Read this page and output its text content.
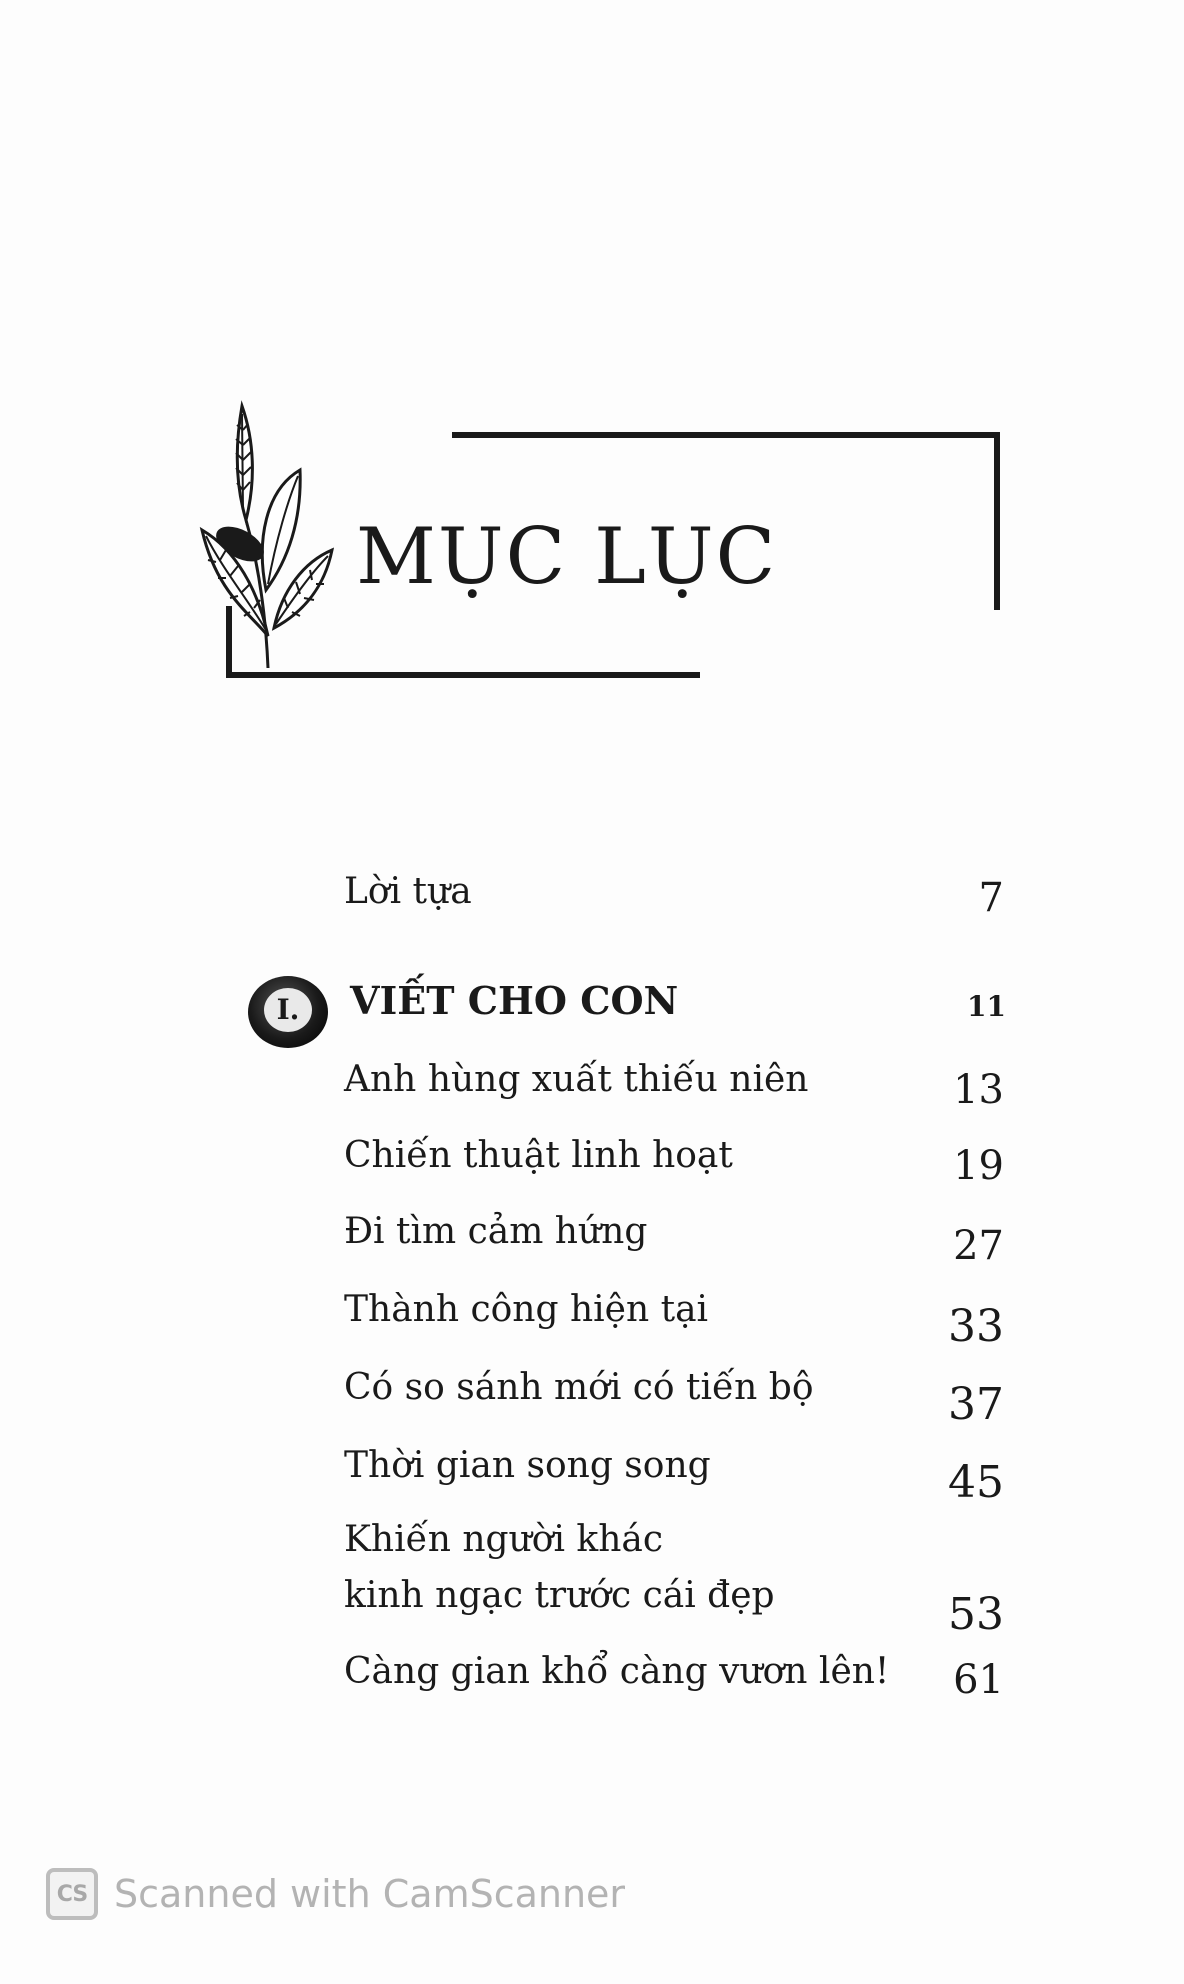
MỤC LỤC
Lời tựa	7
I.	VIẾT CHO CON	11
Anh hùng xuất thiếu niên	13
Chiến thuật linh hoạt	19
Đi tìm cảm hứng	27
Thành công hiện tại	33
Có so sánh mới có tiến bộ	37
Thời gian song song	45
Khiến người khác
kinh ngạc trước cái đẹp	53
Càng gian khổ càng vươn lên!	61
CS Scanned with CamScanner
